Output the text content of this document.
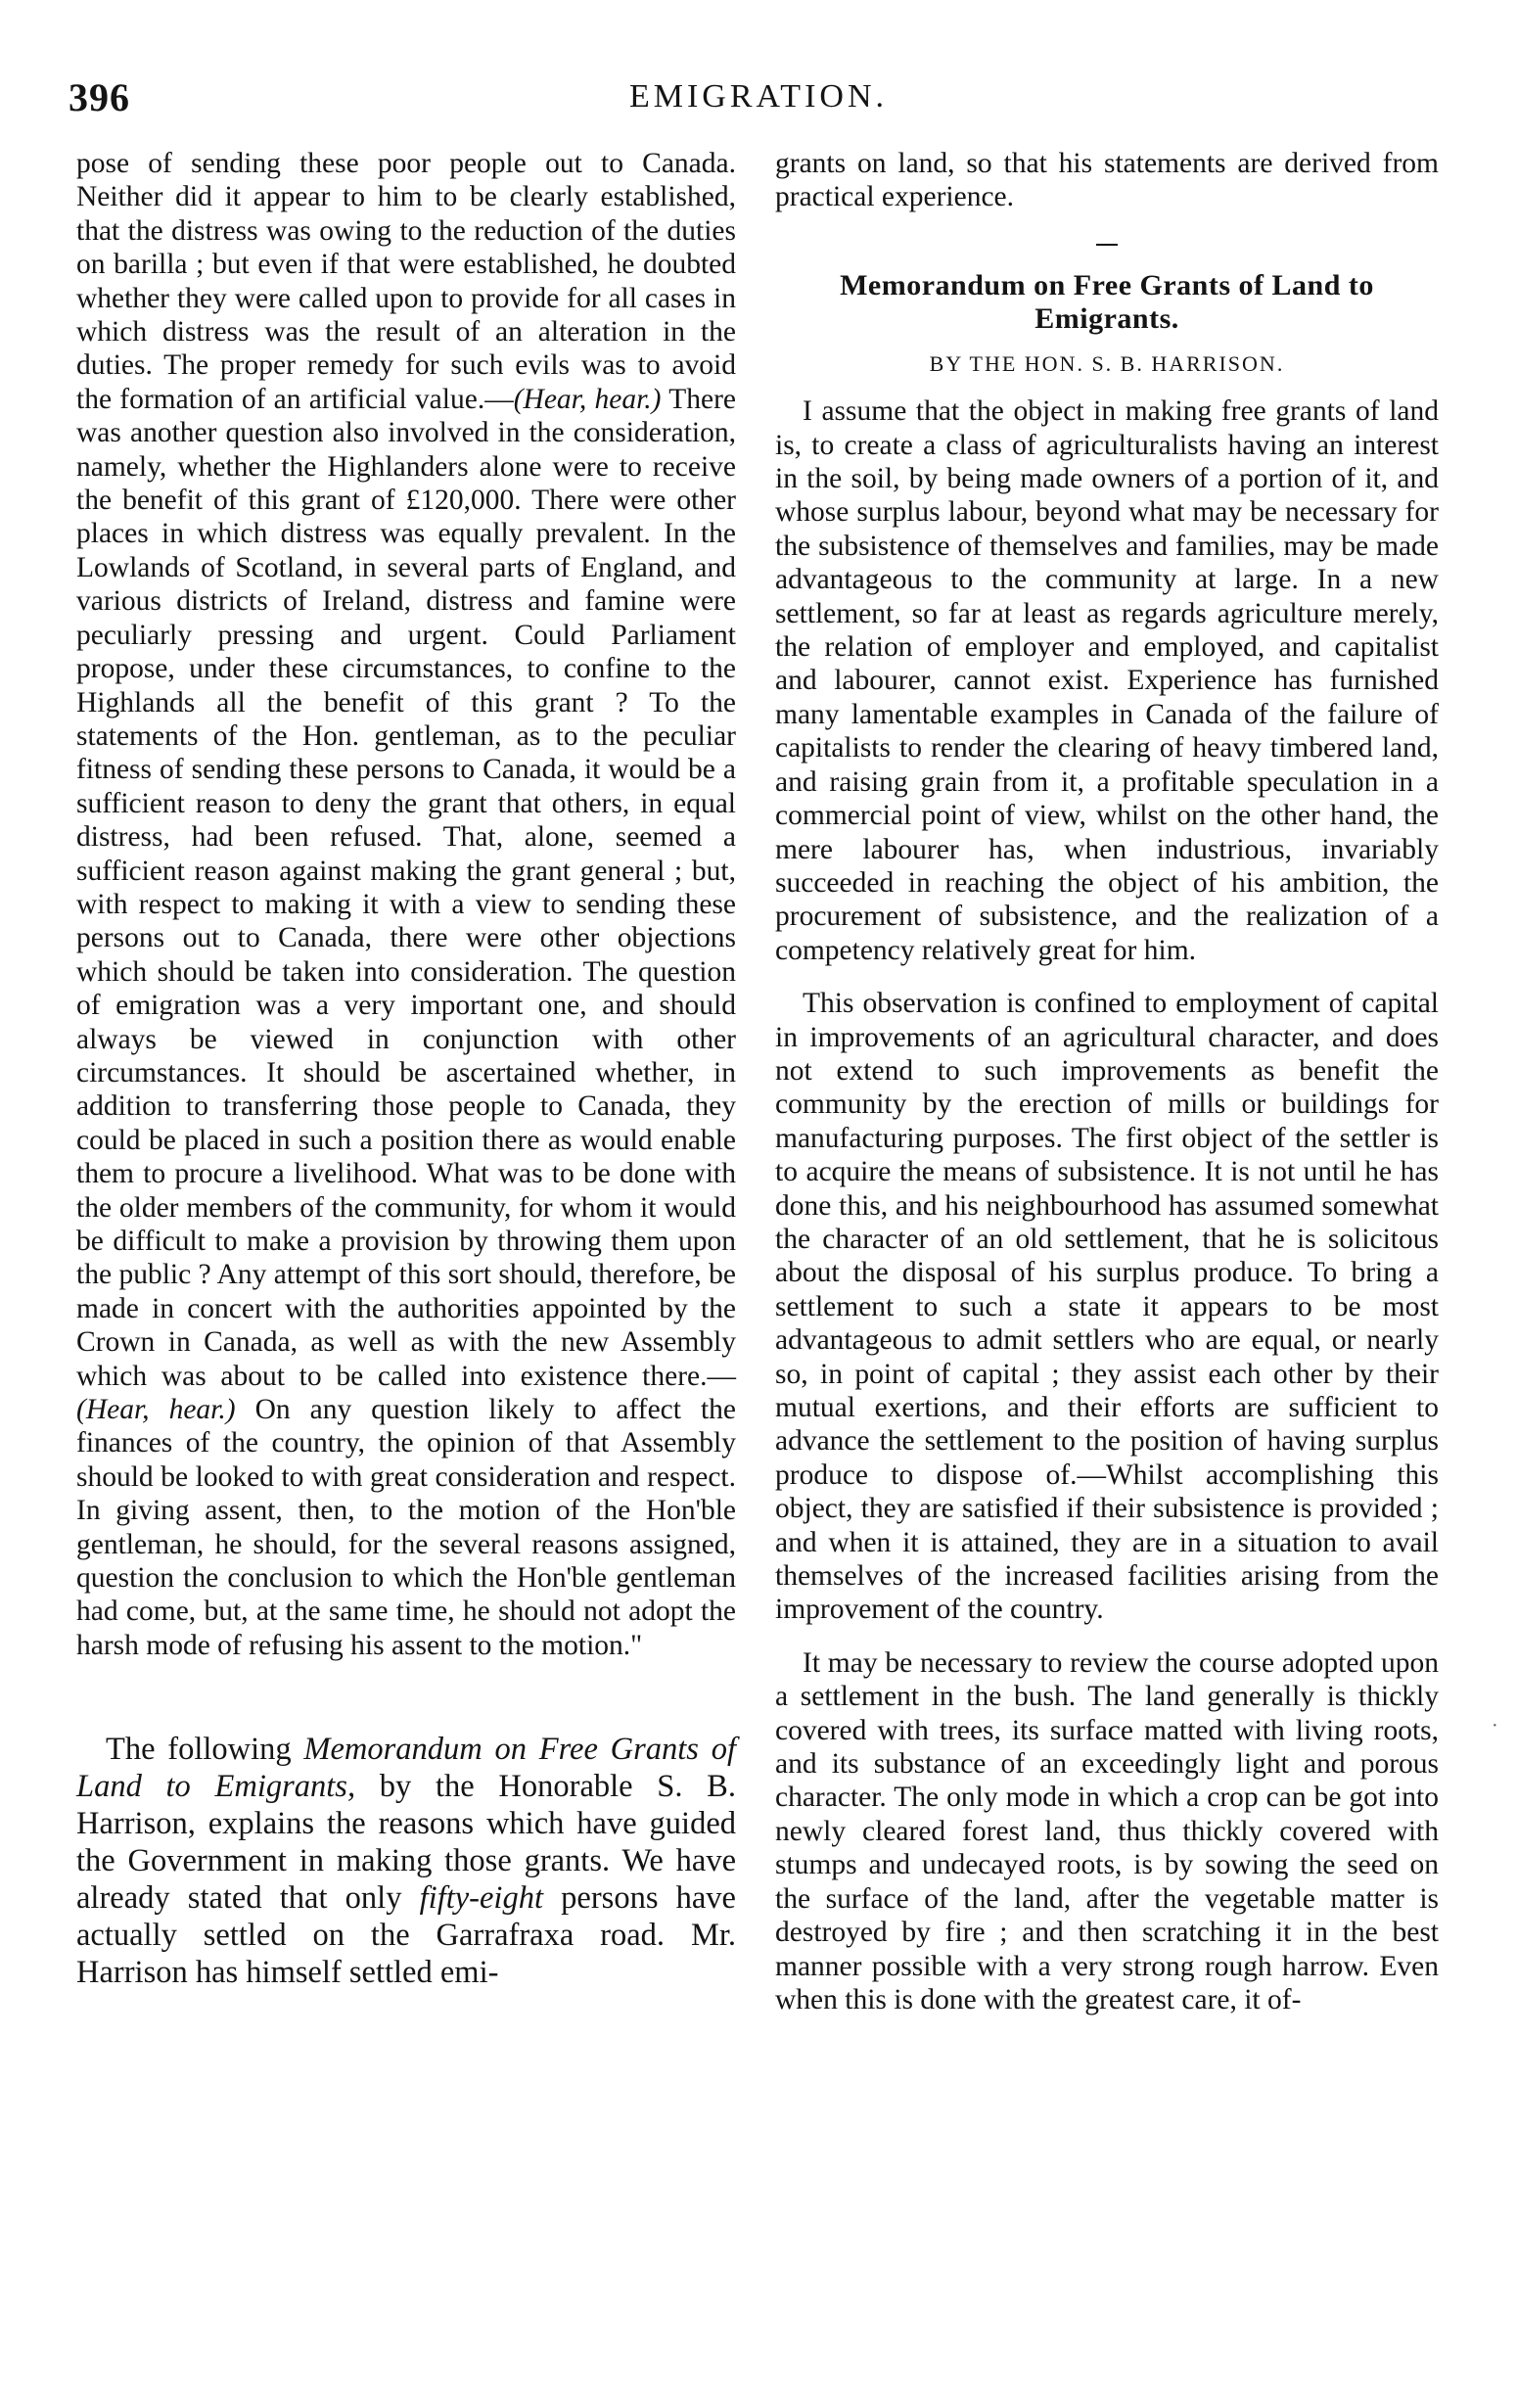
396	EMIGRATION.

pose of sending these poor people out to Canada. Neither did it appear to him to be clearly established, that the distress was owing to the reduction of the duties on barilla ; but even if that were established, he doubted whether they were called upon to provide for all cases in which distress was the result of an alteration in the duties. The proper remedy for such evils was to avoid the formation of an artificial value.—(Hear, hear.) There was another question also involved in the consideration, namely, whether the Highlanders alone were to receive the benefit of this grant of £120,000. There were other places in which distress was equally prevalent. In the Lowlands of Scotland, in several parts of England, and various districts of Ireland, distress and famine were peculiarly pressing and urgent. Could Parliament propose, under these circumstances, to confine to the Highlands all the benefit of this grant ? To the statements of the Hon. gentleman, as to the peculiar fitness of sending these persons to Canada, it would be a sufficient reason to deny the grant that others, in equal distress, had been refused. That, alone, seemed a sufficient reason against making the grant general ; but, with respect to making it with a view to sending these persons out to Canada, there were other objections which should be taken into consideration. The question of emigration was a very important one, and should always be viewed in conjunction with other circumstances. It should be ascertained whether, in addition to transferring those people to Canada, they could be placed in such a position there as would enable them to procure a livelihood. What was to be done with the older members of the community, for whom it would be difficult to make a provision by throwing them upon the public ? Any attempt of this sort should, therefore, be made in concert with the authorities appointed by the Crown in Canada, as well as with the new Assembly which was about to be called into existence there.—(Hear, hear.) On any question likely to affect the finances of the country, the opinion of that Assembly should be looked to with great consideration and respect. In giving assent, then, to the motion of the Hon'ble gentleman, he should, for the several reasons assigned, question the conclusion to which the Hon'ble gentleman had come, but, at the same time, he should not adopt the harsh mode of refusing his assent to the motion."

The following Memorandum on Free Grants of Land to Emigrants, by the Honorable S. B. Harrison, explains the reasons which have guided the Government in making those grants. We have already stated that only fifty-eight persons have actually settled on the Garrafraxa road. Mr. Harrison has himself settled emi-

grants on land, so that his statements are derived from practical experience.

Memorandum on Free Grants of Land to Emigrants.

BY THE HON. S. B. HARRISON.

I assume that the object in making free grants of land is, to create a class of agriculturalists having an interest in the soil, by being made owners of a portion of it, and whose surplus labour, beyond what may be necessary for the subsistence of themselves and families, may be made advantageous to the community at large. In a new settlement, so far at least as regards agriculture merely, the relation of employer and employed, and capitalist and labourer, cannot exist. Experience has furnished many lamentable examples in Canada of the failure of capitalists to render the clearing of heavy timbered land, and raising grain from it, a profitable speculation in a commercial point of view, whilst on the other hand, the mere labourer has, when industrious, invariably succeeded in reaching the object of his ambition, the procurement of subsistence, and the realization of a competency relatively great for him.

This observation is confined to employment of capital in improvements of an agricultural character, and does not extend to such improvements as benefit the community by the erection of mills or buildings for manufacturing purposes. The first object of the settler is to acquire the means of subsistence. It is not until he has done this, and his neighbourhood has assumed somewhat the character of an old settlement, that he is solicitous about the disposal of his surplus produce. To bring a settlement to such a state it appears to be most advantageous to admit settlers who are equal, or nearly so, in point of capital ; they assist each other by their mutual exertions, and their efforts are sufficient to advance the settlement to the position of having surplus produce to dispose of.—Whilst accomplishing this object, they are satisfied if their subsistence is provided ; and when it is attained, they are in a situation to avail themselves of the increased facilities arising from the improvement of the country.

It may be necessary to review the course adopted upon a settlement in the bush. The land generally is thickly covered with trees, its surface matted with living roots, and its substance of an exceedingly light and porous character. The only mode in which a crop can be got into newly cleared forest land, thus thickly covered with stumps and undecayed roots, is by sowing the seed on the surface of the land, after the vegetable matter is destroyed by fire ; and then scratching it in the best manner possible with a very strong rough harrow. Even when this is done with the greatest care, it of-

·
